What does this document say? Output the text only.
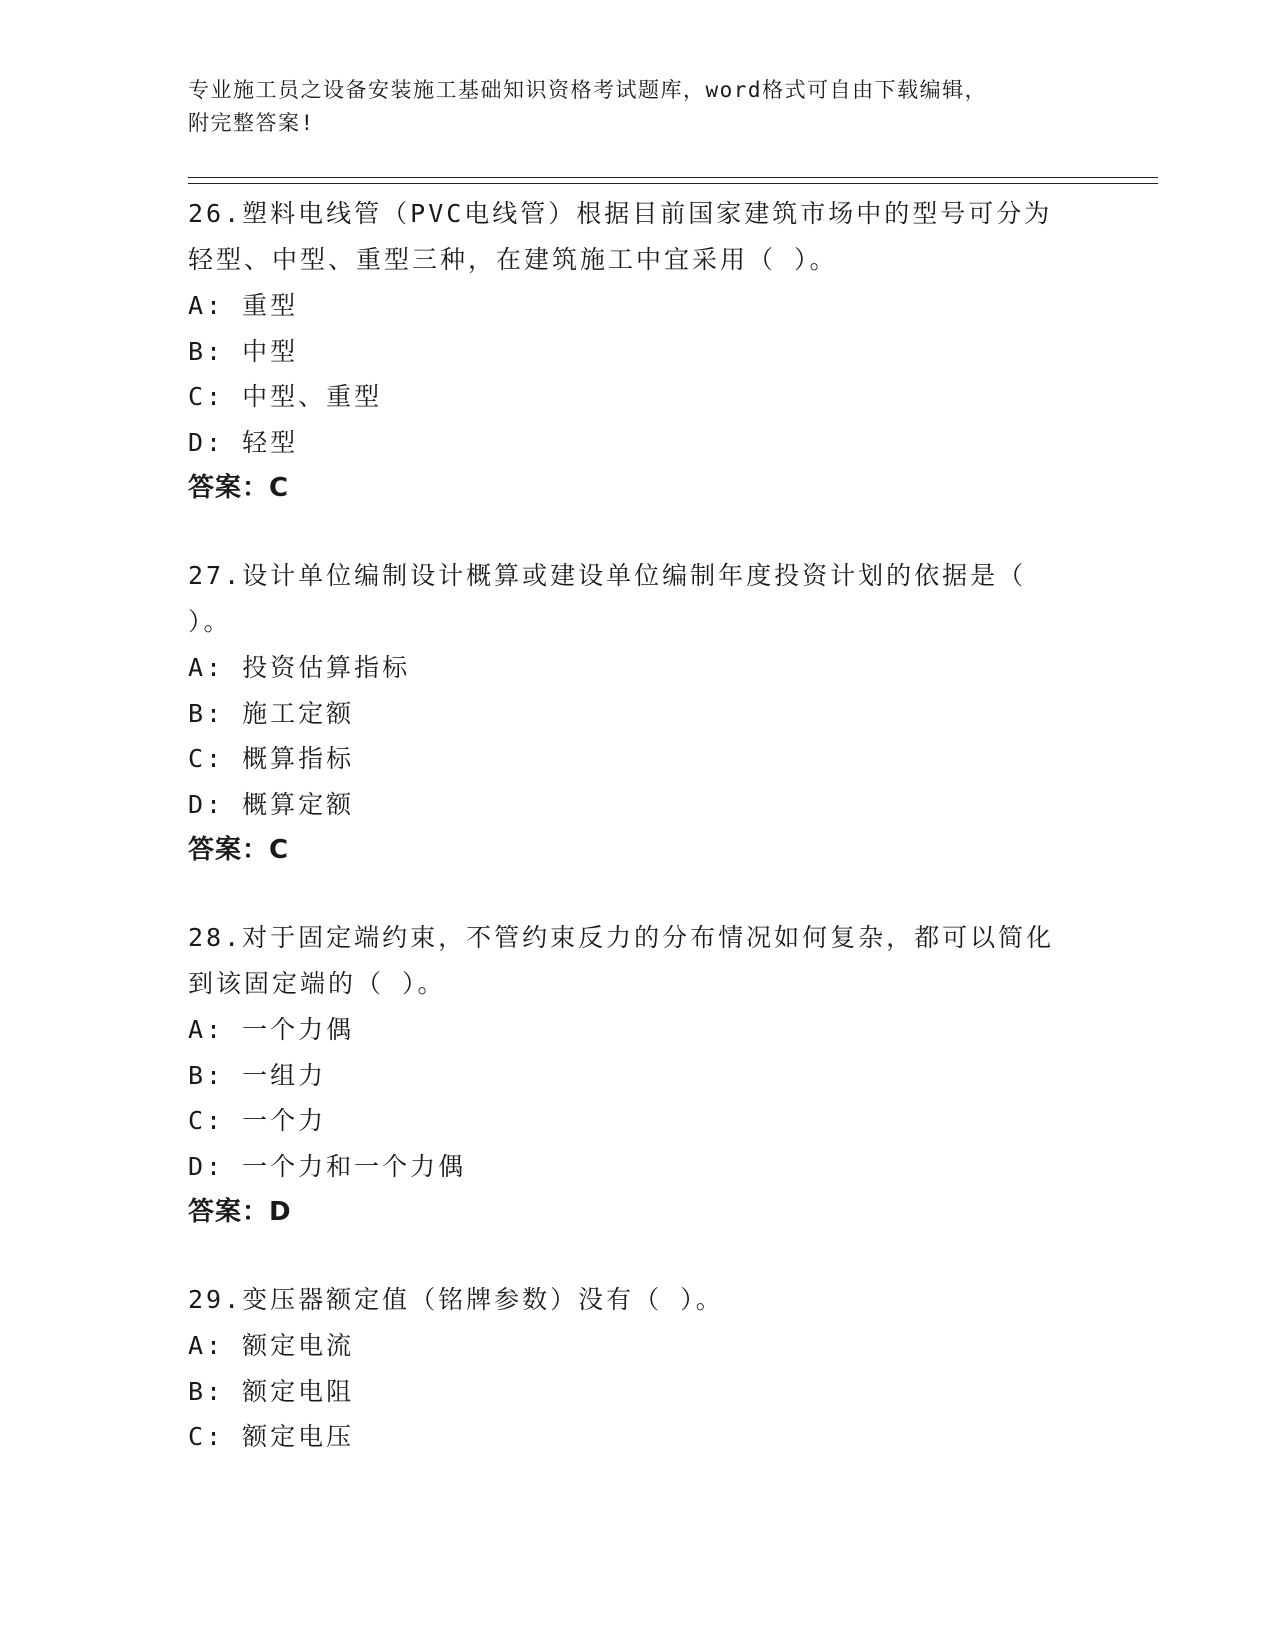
专业施工员之设备安装施工基础知识资格考试题库，word格式可自由下载编辑，
附完整答案!
26.塑料电线管（PVC电线管）根据目前国家建筑市场中的型号可分为
轻型、中型、重型三种，在建筑施工中宜采用（ ）。
A: 重型
B: 中型
C: 中型、重型
D: 轻型
答案：C
27.设计单位编制设计概算或建设单位编制年度投资计划的依据是（
）。
A: 投资估算指标
B: 施工定额
C: 概算指标
D: 概算定额
答案：C
28.对于固定端约束，不管约束反力的分布情况如何复杂，都可以简化
到该固定端的（ ）。
A: 一个力偶
B: 一组力
C: 一个力
D: 一个力和一个力偶
答案：D
29.变压器额定值（铭牌参数）没有（ ）。
A: 额定电流
B: 额定电阻
C: 额定电压
